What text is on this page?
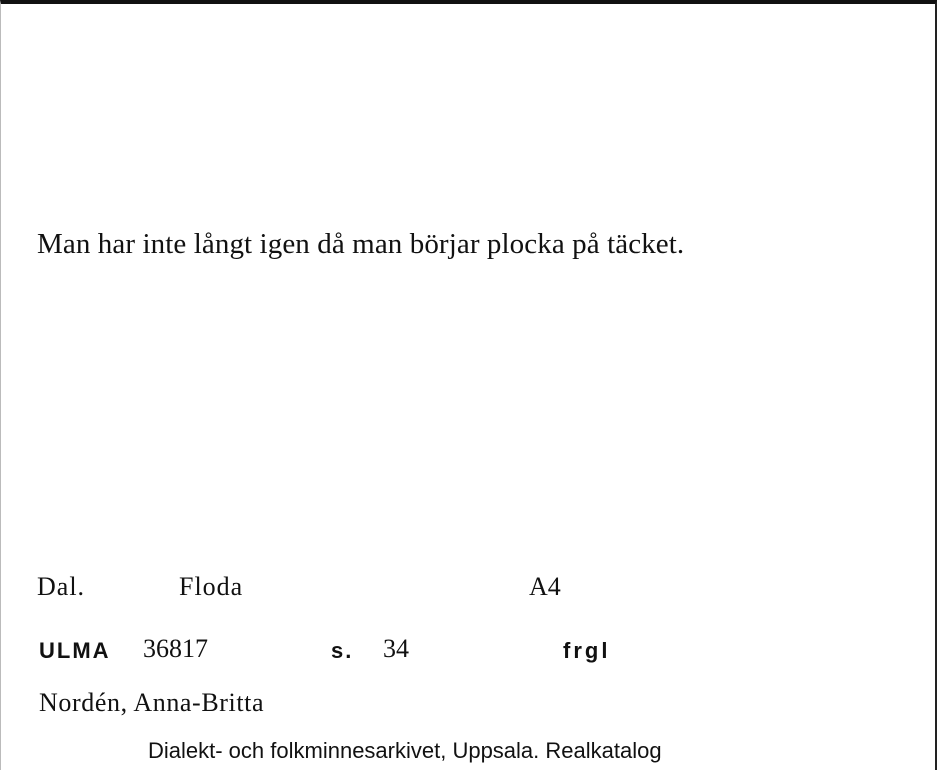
Man har inte långt igen då man börjar plocka på täcket.
Dal.	Floda	A4
ULMA 36817	s. 34	frgl
Nordén, Anna-Britta
Dialekt- och folkminnesarkivet, Uppsala. Realkatalog
